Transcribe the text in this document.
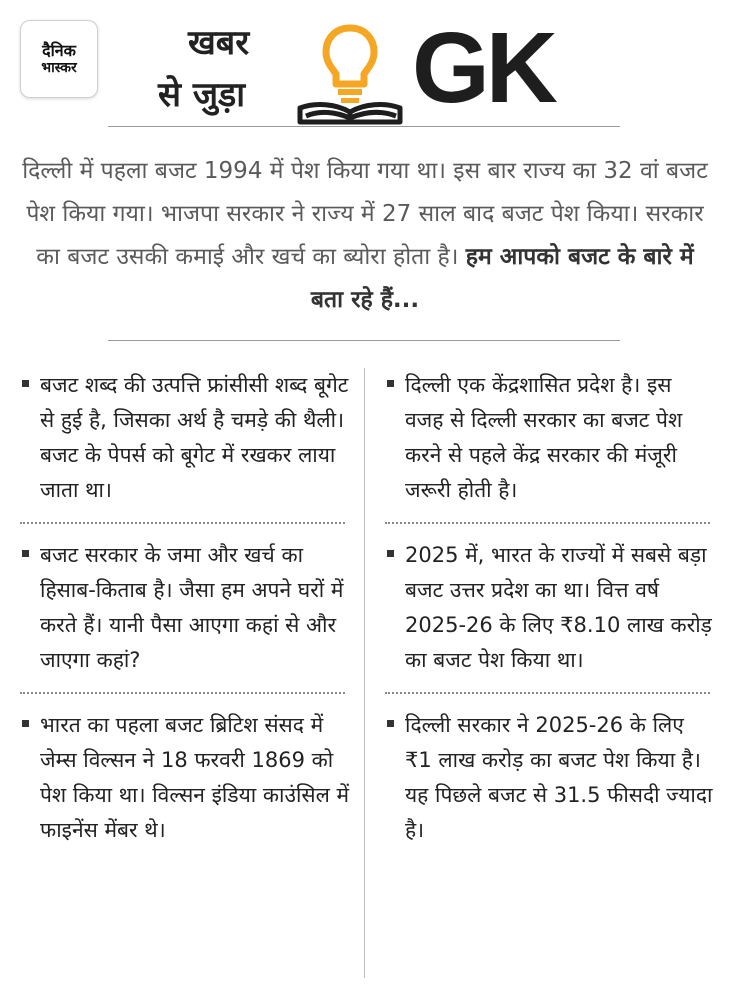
दैनिक
भास्कर
खबर
से जुड़ा GK
दिल्ली में पहला बजट 1994 में पेश किया गया था। इस बार राज्य का 32 वां बजट पेश किया गया। भाजपा सरकार ने राज्य में 27 साल बाद बजट पेश किया। सरकार का बजट उसकी कमाई और खर्च का ब्योरा होता है। हम आपको बजट के बारे में बता रहे हैं...
बजट शब्द की उत्पत्ति फ्रांसीसी शब्द बूगेट से हुई है, जिसका अर्थ है चमड़े की थैली। बजट के पेपर्स को बूगेट में रखकर लाया जाता था।
बजट सरकार के जमा और खर्च का हिसाब-किताब है। जैसा हम अपने घरों में करते हैं। यानी पैसा आएगा कहां से और जाएगा कहां?
भारत का पहला बजट ब्रिटिश संसद में जेम्स विल्सन ने 18 फरवरी 1869 को पेश किया था। विल्सन इंडिया काउंसिल में फाइनेंस मेंबर थे।
दिल्ली एक केंद्रशासित प्रदेश है। इस वजह से दिल्ली सरकार का बजट पेश करने से पहले केंद्र सरकार की मंजूरी जरूरी होती है।
2025 में, भारत के राज्यों में सबसे बड़ा बजट उत्तर प्रदेश का था। वित्त वर्ष 2025-26 के लिए ₹8.10 लाख करोड़ का बजट पेश किया था।
दिल्ली सरकार ने 2025-26 के लिए ₹1 लाख करोड़ का बजट पेश किया है। यह पिछले बजट से 31.5 फीसदी ज्यादा है।
